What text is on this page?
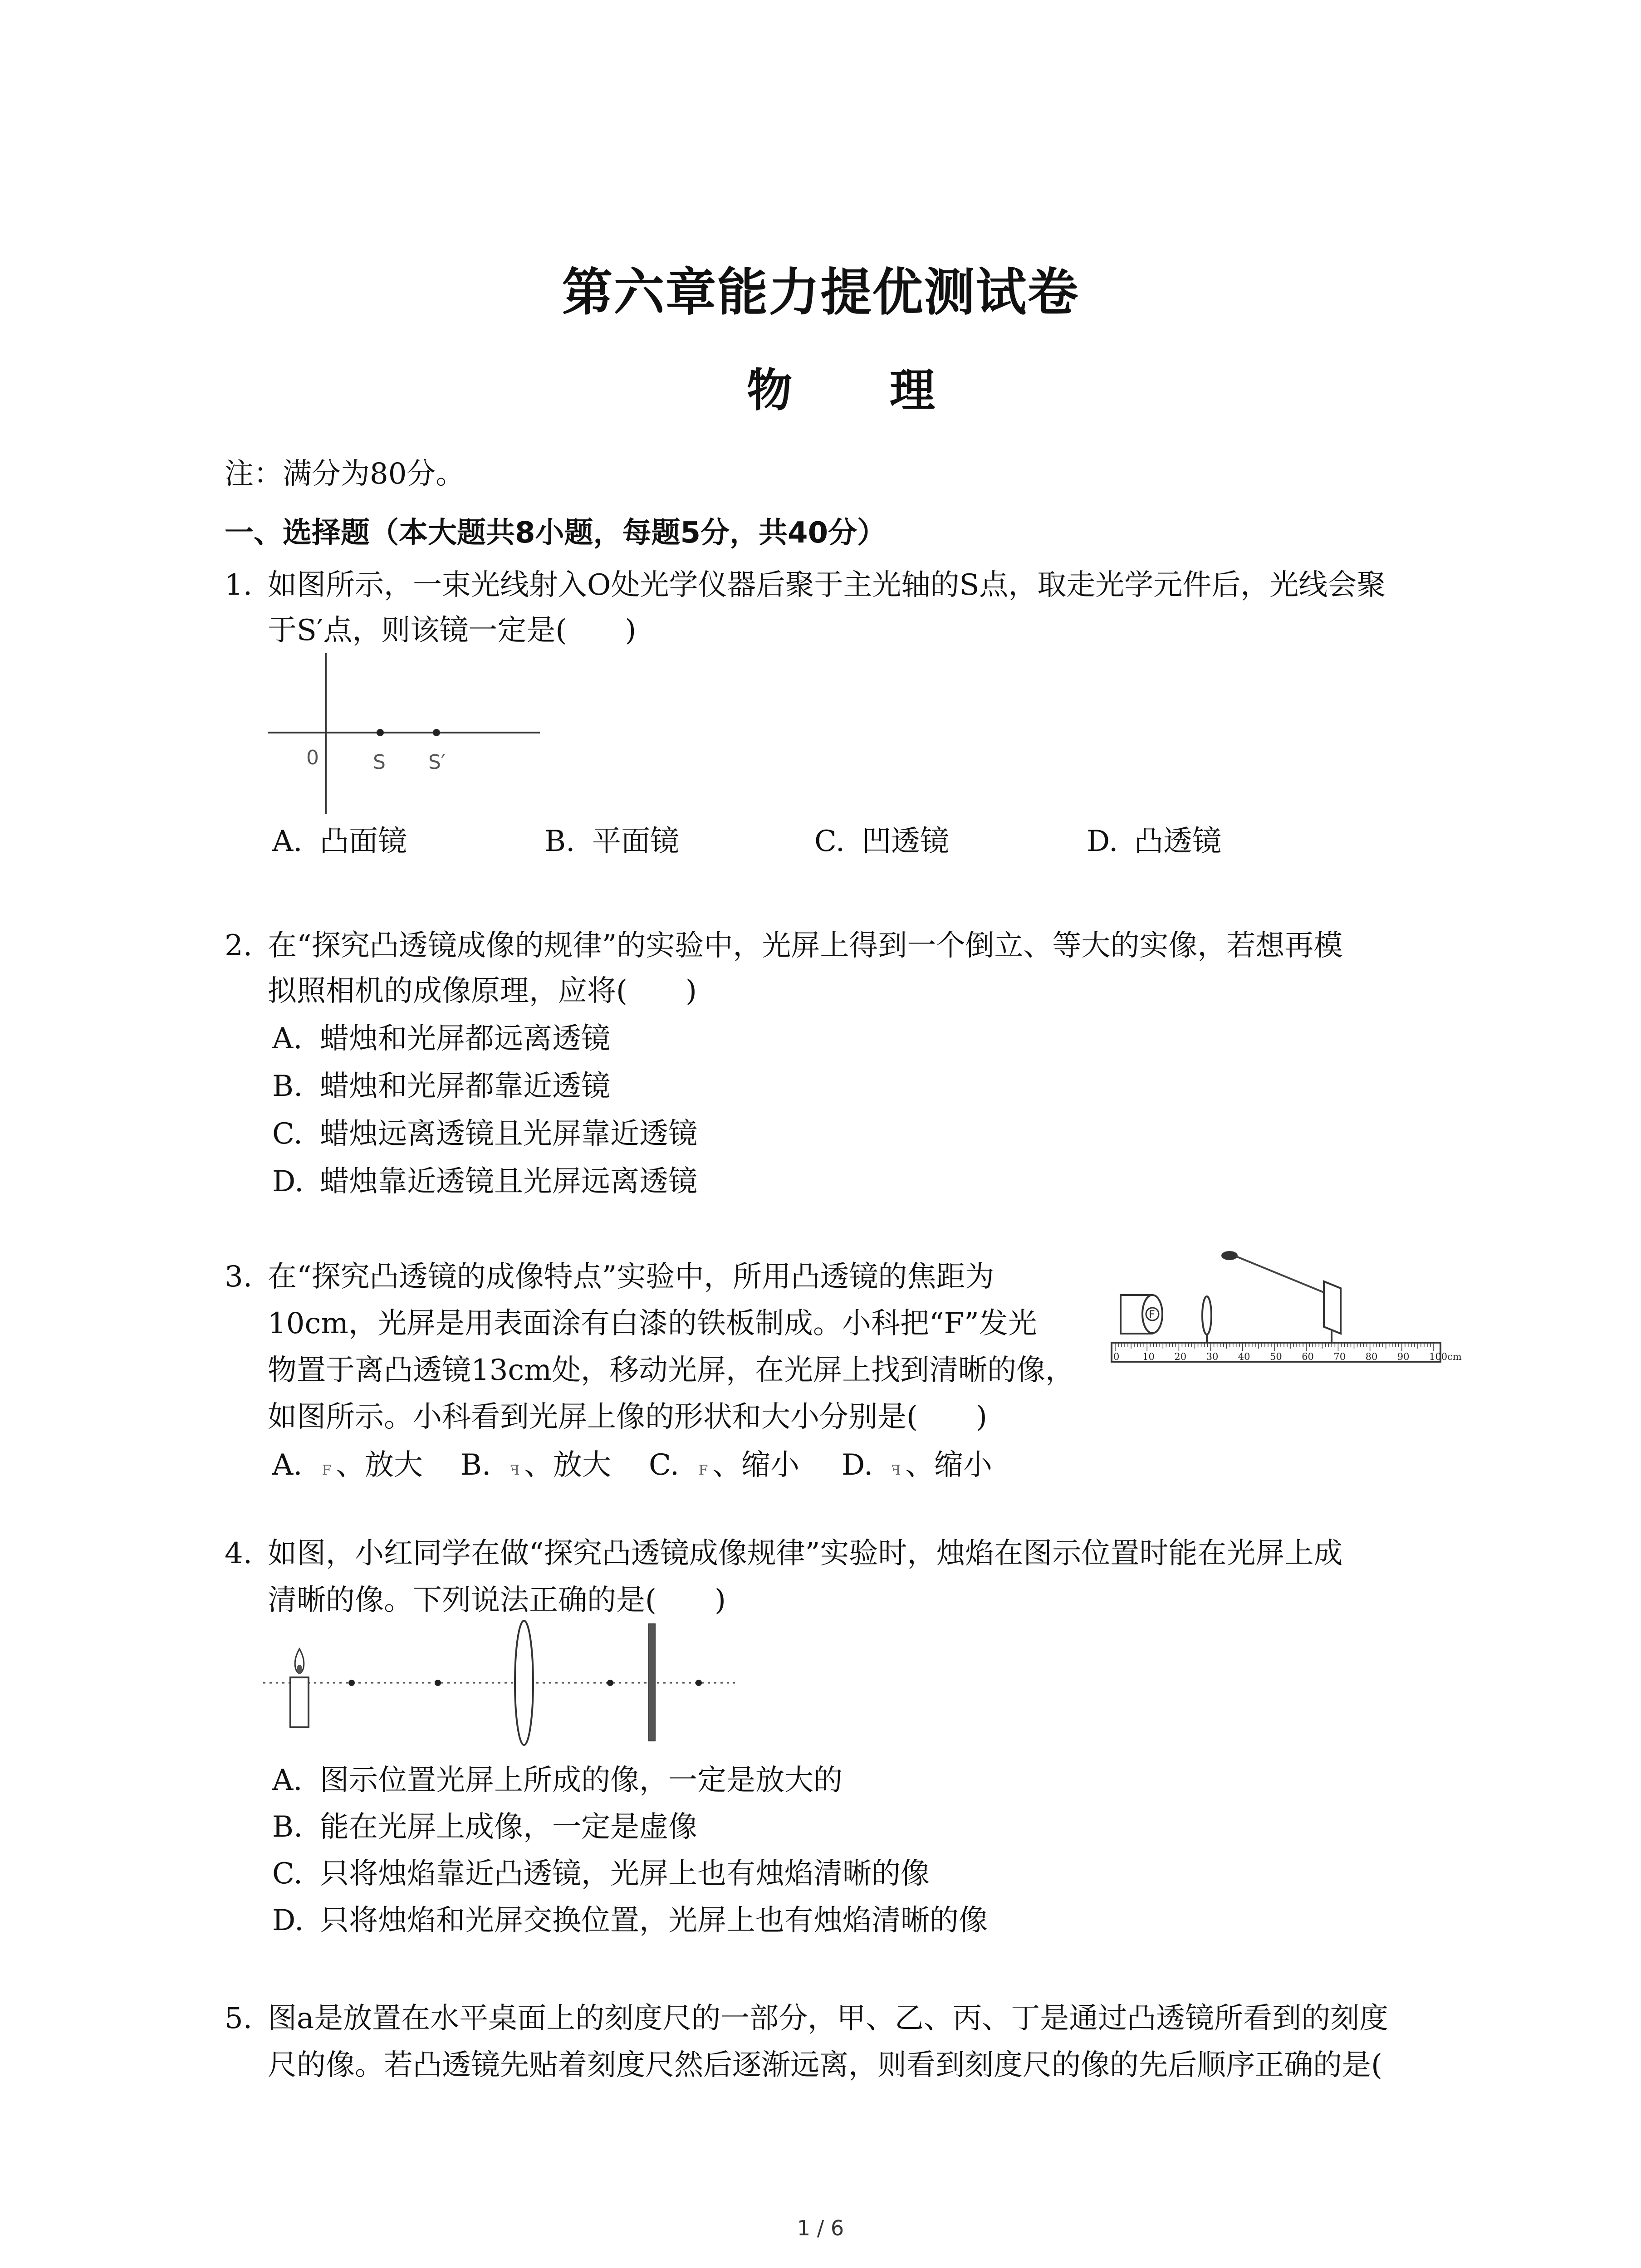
第六章能力提优测试卷
物 理
注：满分为80分。
一、选择题（本大题共8小题，每题5分，共40分）
1. 如图所示，一束光线射入O处光学仪器后聚于主光轴的S点，取走光学元件后，光线会聚
于S′点，则该镜一定是(　　)
0	S S′
A. 凸面镜	B. 平面镜	C. 凹透镜	D. 凸透镜
2. 在“探究凸透镜成像的规律”的实验中，光屏上得到一个倒立、等大的实像，若想再模
拟照相机的成像原理，应将(　　)
A. 蜡烛和光屏都远离透镜
B. 蜡烛和光屏都靠近透镜
C. 蜡烛远离透镜且光屏靠近透镜
D. 蜡烛靠近透镜且光屏远离透镜
3. 在“探究凸透镜的成像特点”实验中，所用凸透镜的焦距为
10cm，光屏是用表面涂有白漆的铁板制成。小科把“F”发光
物置于离凸透镜13cm处，移动光屏，在光屏上找到清晰的像，
如图所示。小科看到光屏上像的形状和大小分别是(　　)
F
0 10 20 30 40 50 60 70 80 90 100cm
A. F 、放大 B. F 、放大 C. F 、缩小 D. F 、缩小
4. 如图，小红同学在做“探究凸透镜成像规律”实验时，烛焰在图示位置时能在光屏上成
清晰的像。下列说法正确的是(　　)
A. 图示位置光屏上所成的像，一定是放大的
B. 能在光屏上成像，一定是虚像
C. 只将烛焰靠近凸透镜，光屏上也有烛焰清晰的像
D. 只将烛焰和光屏交换位置，光屏上也有烛焰清晰的像
5. 图a是放置在水平桌面上的刻度尺的一部分，甲、乙、丙、丁是通过凸透镜所看到的刻度
尺的像。若凸透镜先贴着刻度尺然后逐渐远离，则看到刻度尺的像的先后顺序正确的是(
1 / 6
